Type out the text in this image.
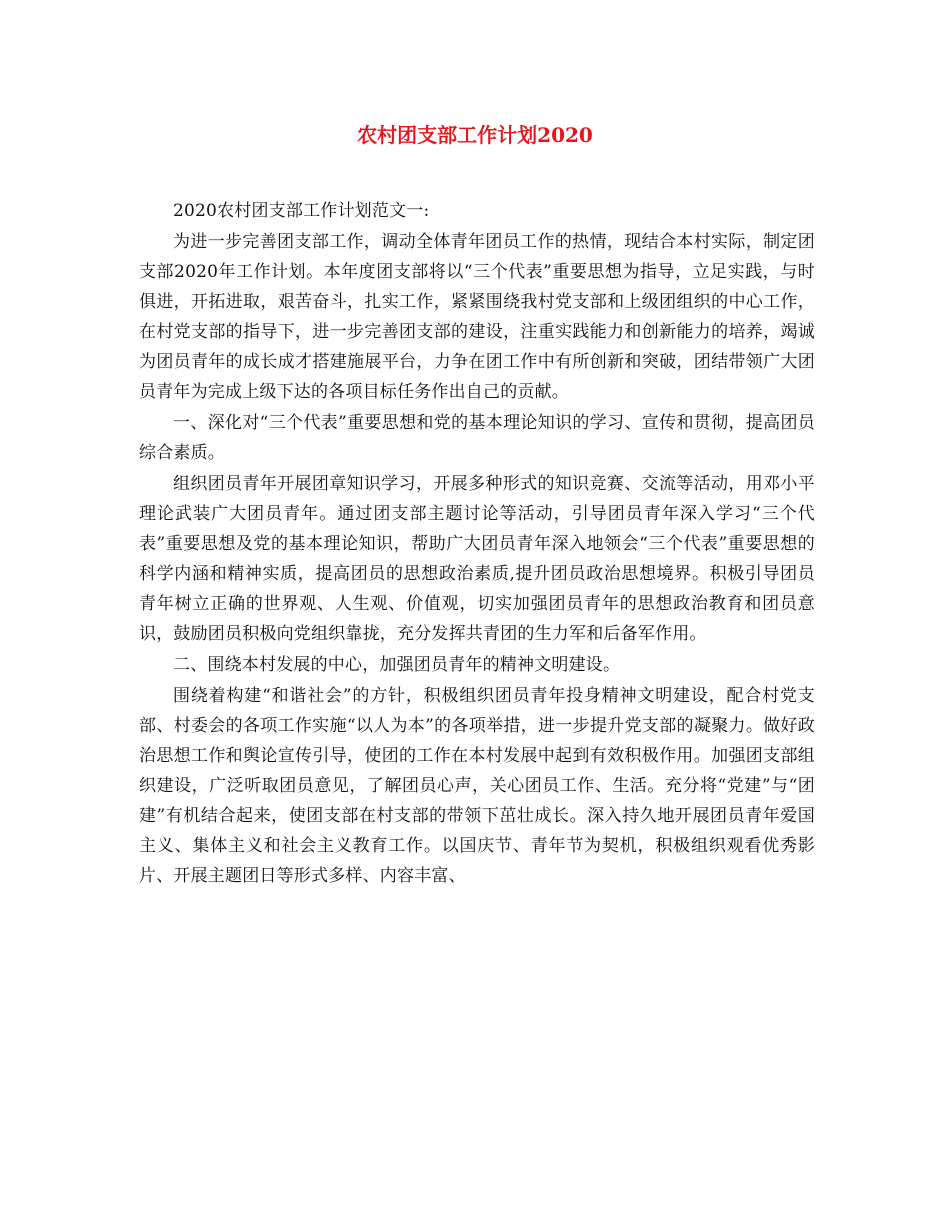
农村团支部工作计划2020

2020农村团支部工作计划范文一:

为进一步完善团支部工作，调动全体青年团员工作的热情，现结合本村实际，制定团支部2020年工作计划。本年度团支部将以“三个代表”重要思想为指导，立足实践，与时俱进，开拓进取，艰苦奋斗，扎实工作，紧紧围绕我村党支部和上级团组织的中心工作，在村党支部的指导下，进一步完善团支部的建设，注重实践能力和创新能力的培养，竭诚为团员青年的成长成才搭建施展平台，力争在团工作中有所创新和突破，团结带领广大团员青年为完成上级下达的各项目标任务作出自己的贡献。

一、深化对“三个代表”重要思想和党的基本理论知识的学习、宣传和贯彻，提高团员综合素质。

组织团员青年开展团章知识学习，开展多种形式的知识竞赛、交流等活动，用邓小平理论武装广大团员青年。通过团支部主题讨论等活动，引导团员青年深入学习“三个代表”重要思想及党的基本理论知识，帮助广大团员青年深入地领会“三个代表”重要思想的科学内涵和精神实质，提高团员的思想政治素质,提升团员政治思想境界。积极引导团员青年树立正确的世界观、人生观、价值观，切实加强团员青年的思想政治教育和团员意识，鼓励团员积极向党组织靠拢，充分发挥共青团的生力军和后备军作用。

二、围绕本村发展的中心，加强团员青年的精神文明建设。

围绕着构建“和谐社会”的方针，积极组织团员青年投身精神文明建设，配合村党支部、村委会的各项工作实施“以人为本”的各项举措，进一步提升党支部的凝聚力。做好政治思想工作和舆论宣传引导，使团的工作在本村发展中起到有效积极作用。加强团支部组织建设，广泛听取团员意见，了解团员心声，关心团员工作、生活。充分将“党建”与“团建”有机结合起来，使团支部在村支部的带领下茁壮成长。深入持久地开展团员青年爱国主义、集体主义和社会主义教育工作。以国庆节、青年节为契机，积极组织观看优秀影片、开展主题团日等形式多样、内容丰富、
